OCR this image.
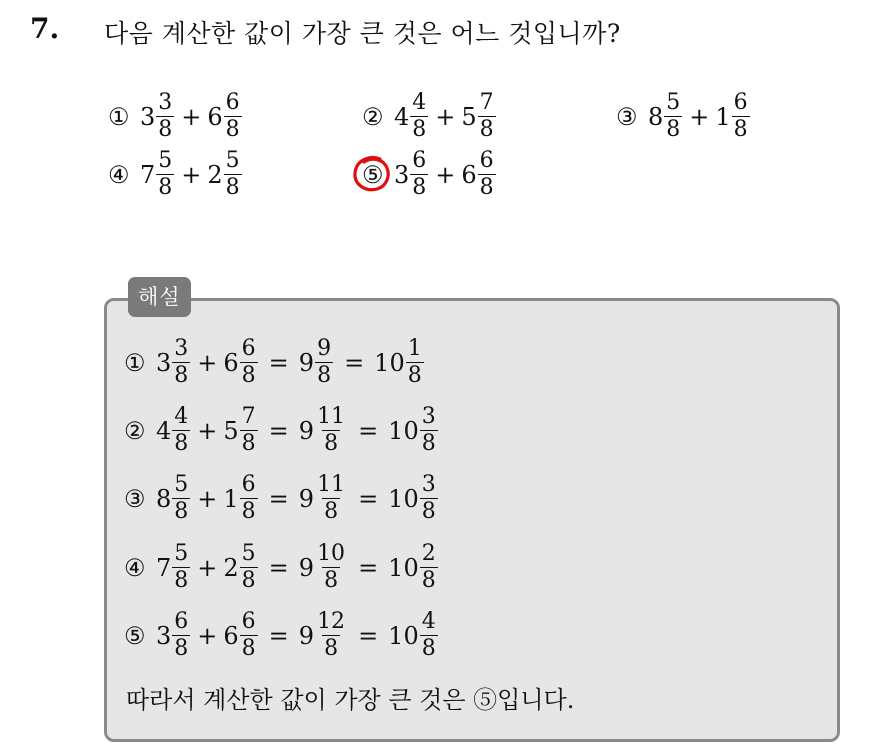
7. 다음 계산한 값이 가장 큰 것은 어느 것입니까?
① $3 \frac{3}{8} + 6 \frac{6}{8}$	② $4 \frac{4}{8} + 5 \frac{7}{8}$	③ $8 \frac{5}{8} + 1 \frac{6}{8}$
④ $7 \frac{5}{8} + 2 \frac{5}{8}$	⑤ $3 \frac{6}{8} + 6 \frac{6}{8}$
해설
① $3 \frac{3}{8} + 6 \frac{6}{8} = 9 \frac{9}{8} = 10 \frac{1}{8}$
② $4 \frac{4}{8} + 5 \frac{7}{8} = 9 \frac{11}{8} = 10 \frac{3}{8}$
③ $8 \frac{5}{8} + 1 \frac{6}{8} = 9 \frac{11}{8} = 10 \frac{3}{8}$
④ $7 \frac{5}{8} + 2 \frac{5}{8} = 9 \frac{10}{8} = 10 \frac{2}{8}$
⑤ $3 \frac{6}{8} + 6 \frac{6}{8} = 9 \frac{12}{8} = 10 \frac{4}{8}$
따라서 계산한 값이 가장 큰 것은 ⑤입니다.
